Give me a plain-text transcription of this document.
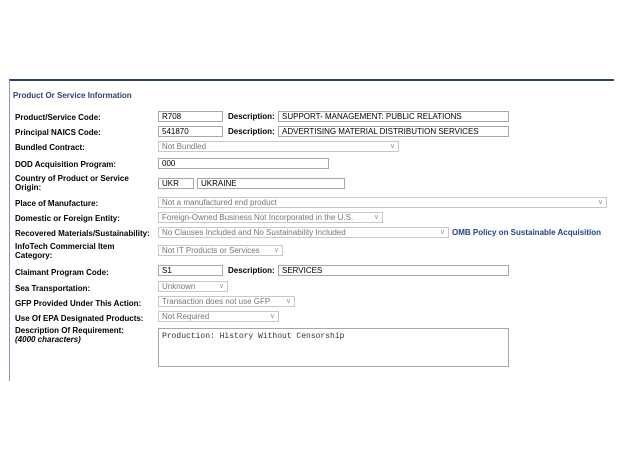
Product Or Service Information
Product/Service Code:	R708	Description: SUPPORT- MANAGEMENT: PUBLIC RELATIONS
Principal NAICS Code:	541870	Description: ADVERTISING MATERIAL DISTRIBUTION SERVICES
Bundled Contract:	Not Bundled	∨
DOD Acquisition Program:	000
Country of Product or Service
Origin:	UKR	UKRAINE
Place of Manufacture:	Not a manufactured end product	∨
Domestic or Foreign Entity:	Foreign-Owned Business Not Incorporated in the U.S.	∨
Recovered Materials/Sustainability:	No Clauses Included and No Sustainability Included	∨ OMB Policy on Sustainable Acquisition
InfoTech Commercial Item
Category:
Not IT Products or Services ∨
Claimant Program Code:	S1	Description: SERVICES
Sea Transportation:	Unknown	∨
GFP Provided Under This Action:	Transaction does not use GFP ∨
Use Of EPA Designated Products:	Not Required	∨
Description Of Requirement:
(4000 characters)	Production: History Without Censorship
